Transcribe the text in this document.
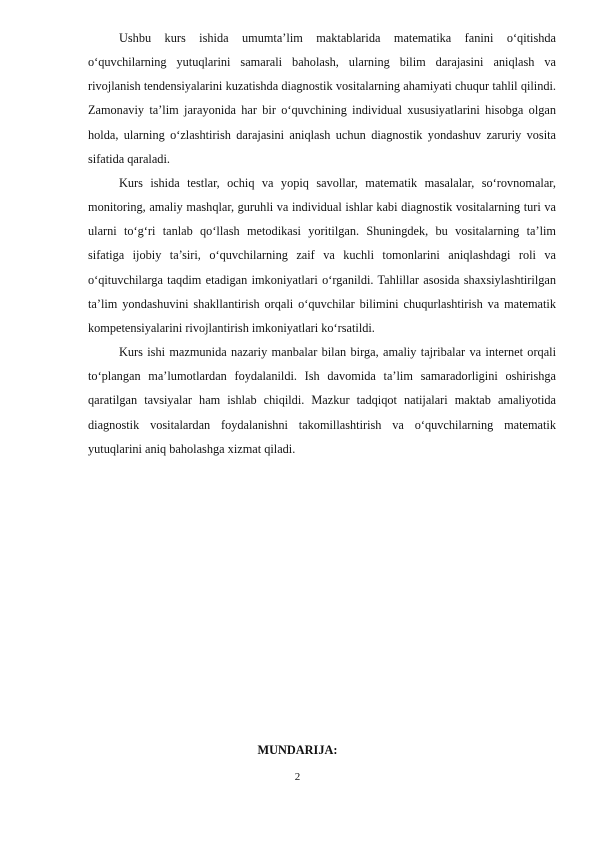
Ushbu kurs ishida umumta’lim maktablarida matematika fanini o‘qitishda o‘quvchilarning yutuqlarini samarali baholash, ularning bilim darajasini aniqlash va rivojlanish tendensiyalarini kuzatishda diagnostik vositalarning ahamiyati chuqur tahlil qilindi. Zamonaviy ta’lim jarayonida har bir o‘quvchining individual xususiyatlarini hisobga olgan holda, ularning o‘zlashtirish darajasini aniqlash uchun diagnostik yondashuv zaruriy vosita sifatida qaraladi.

Kurs ishida testlar, ochiq va yopiq savollar, matematik masalalar, so‘rovnomalar, monitoring, amaliy mashqlar, guruhli va individual ishlar kabi diagnostik vositalarning turi va ularni to‘g‘ri tanlab qo‘llash metodikasi yoritilgan. Shuningdek, bu vositalarning ta’lim sifatiga ijobiy ta’siri, o‘quvchilarning zaif va kuchli tomonlarini aniqlashdagi roli va o‘qituvchilarga taqdim etadigan imkoniyatlari o‘rganildi. Tahlillar asosida shaxsiylashtirilgan ta’lim yondashuvini shakllantirish orqali o‘quvchilar bilimini chuqurlashtirish va matematik kompetensiyalarini rivojlantirish imkoniyatlari ko‘rsatildi.

Kurs ishi mazmunida nazariy manbalar bilan birga, amaliy tajribalar va internet orqali to‘plangan ma’lumotlardan foydalanildi. Ish davomida ta’lim samaradorligini oshirishga qaratilgan tavsiyalar ham ishlab chiqildi. Mazkur tadqiqot natijalari maktab amaliyotida diagnostik vositalardan foydalanishni takomillashtirish va o‘quvchilarning matematik yutuqlarini aniq baholashga xizmat qiladi.

MUNDARIJA:

2
